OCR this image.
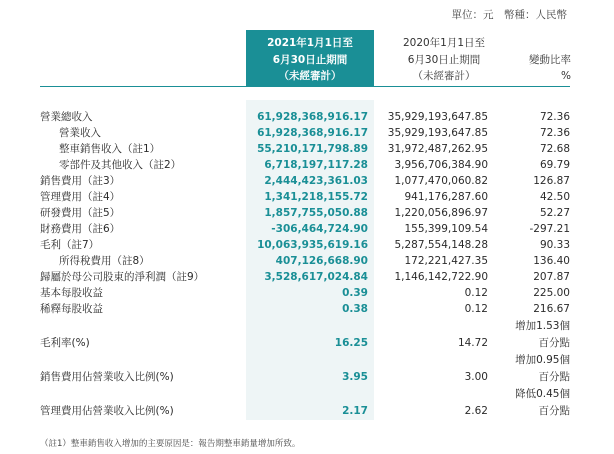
單位：元　幣種：人民幣
2021年1月1日至
6月30日止期間
（未經審計）
2020年1月1日至
6月30日止期間
（未經審計）
變動比率
%
營業總收入	61,928,368,916.17 35,929,193,647.85	72.36
營業收入	61,928,368,916.17 35,929,193,647.85	72.36
整車銷售收入（註1）	55,210,171,798.89 31,972,487,262.95	72.68
零部件及其他收入（註2）	6,718,197,117.28	3,956,706,384.90	69.79
銷售費用（註3）	2,444,423,361.03	1,077,470,060.82	126.87
管理費用（註4）	1,341,218,155.72	941,176,287.60	42.50
研發費用（註5）	1,857,755,050.88	1,220,056,896.97	52.27
財務費用（註6）	-306,464,724.90	155,399,109.54	-297.21
毛利（註7）	10,063,935,619.16	5,287,554,148.28	90.33
所得稅費用（註8）	407,126,668.90	172,221,427.35	136.40
歸屬於母公司股東的淨利潤（註9）	3,528,617,024.84	1,146,142,722.90	207.87
基本每股收益	0.39	0.12	225.00
稀釋每股收益	0.38	0.12	216.67
增加1.53個
毛利率(%)	16.25	14.72	百分點
增加0.95個
銷售費用佔營業收入比例(%)	3.95	3.00	百分點
降低0.45個
管理費用佔營業收入比例(%)	2.17	2.62	百分點
（註1）整車銷售收入增加的主要原因是：報告期整車銷量增加所致。
